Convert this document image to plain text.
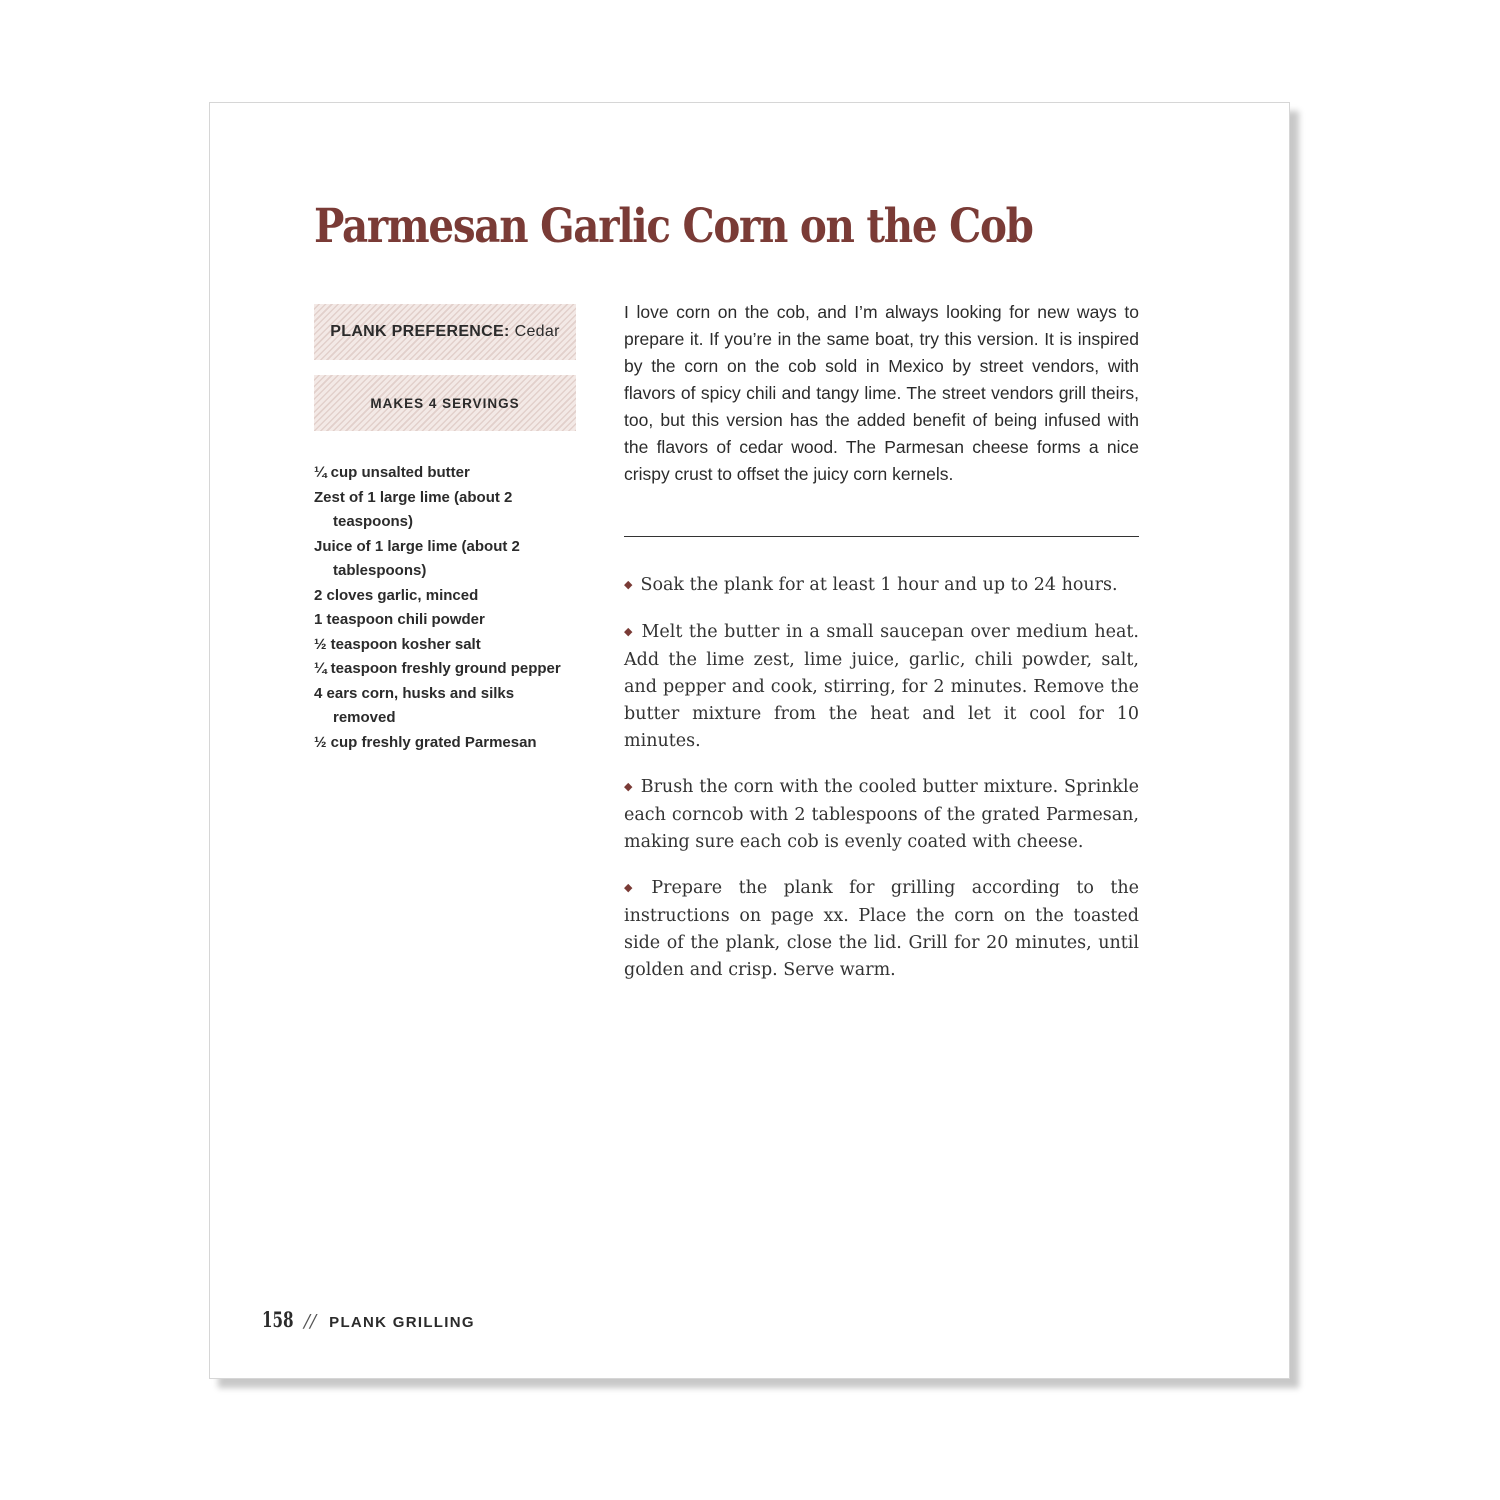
Parmesan Garlic Corn on the Cob
PLANK PREFERENCE: Cedar
MAKES 4 SERVINGS
¼ cup unsalted butter
Zest of 1 large lime (about 2 teaspoons)
Juice of 1 large lime (about 2 tablespoons)
2 cloves garlic, minced
1 teaspoon chili powder
½ teaspoon kosher salt
¼ teaspoon freshly ground pepper
4 ears corn, husks and silks removed
½ cup freshly grated Parmesan

I love corn on the cob, and I’m always looking for new ways to prepare it. If you’re in the same boat, try this version. It is inspired by the corn on the cob sold in Mexico by street vendors, with flavors of spicy chili and tangy lime. The street vendors grill theirs, too, but this version has the added benefit of being infused with the flavors of cedar wood. The Parmesan cheese forms a nice crispy crust to offset the juicy corn kernels.

◆ Soak the plank for at least 1 hour and up to 24 hours.
◆ Melt the butter in a small saucepan over medium heat. Add the lime zest, lime juice, garlic, chili powder, salt, and pepper and cook, stirring, for 2 minutes. Remove the butter mixture from the heat and let it cool for 10 minutes.
◆ Brush the corn with the cooled butter mixture. Sprinkle each corncob with 2 tablespoons of the grated Parmesan, making sure each cob is evenly coated with cheese.
◆ Prepare the plank for grilling according to the instructions on page xx. Place the corn on the toasted side of the plank, close the lid. Grill for 20 minutes, until golden and crisp. Serve warm.
158 // PLANK GRILLING
